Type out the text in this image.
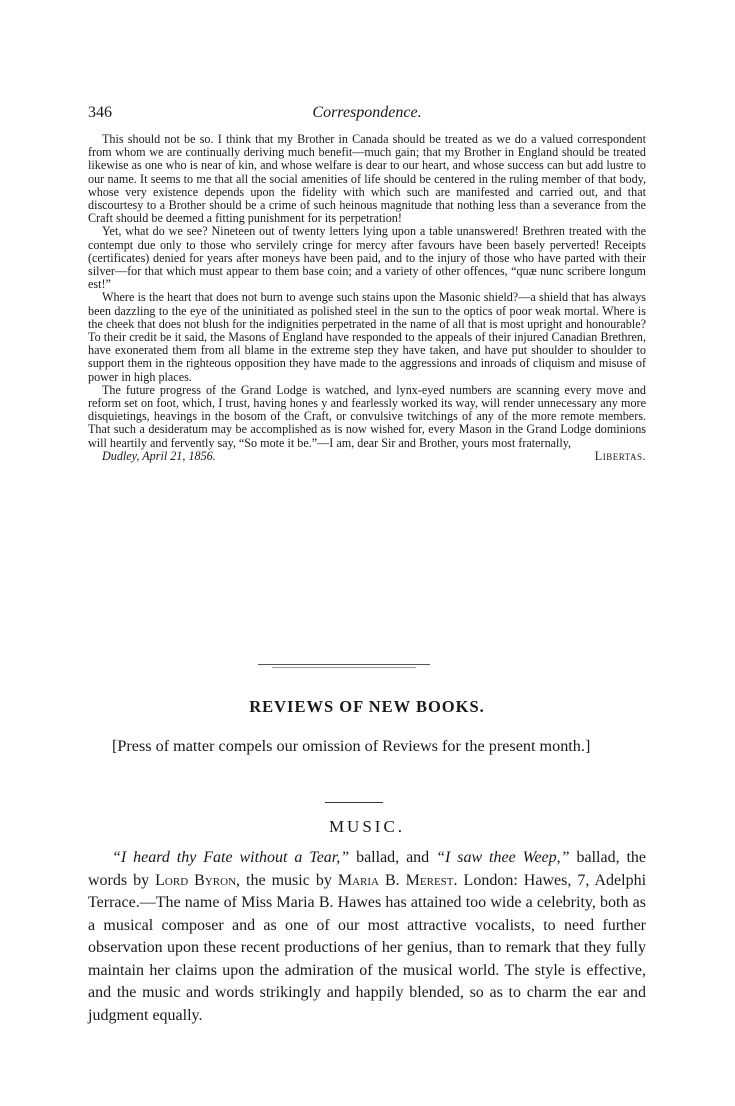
346	Correspondence.

This should not be so. I think that my Brother in Canada should be treated as we do a valued correspondent from whom we are continually deriving much benefit—much gain; that my Brother in England should be treated likewise as one who is near of kin, and whose welfare is dear to our heart, and whose success can but add lustre to our name. It seems to me that all the social amenities of life should be centered in the ruling member of that body, whose very existence depends upon the fidelity with which such are manifested and carried out, and that discourtesy to a Brother should be a crime of such heinous magnitude that nothing less than a severance from the Craft should be deemed a fitting punishment for its perpetration!

Yet, what do we see? Nineteen out of twenty letters lying upon a table unanswered! Brethren treated with the contempt due only to those who servilely cringe for mercy after favours have been basely perverted! Receipts (certificates) denied for years after moneys have been paid, and to the injury of those who have parted with their silver—for that which must appear to them base coin; and a variety of other offences, “quæ nunc scribere longum est!”

Where is the heart that does not burn to avenge such stains upon the Masonic shield?—a shield that has always been dazzling to the eye of the uninitiated as polished steel in the sun to the optics of poor weak mortal. Where is the cheek that does not blush for the indignities perpetrated in the name of all that is most upright and honourable? To their credit be it said, the Masons of England have responded to the appeals of their injured Canadian Brethren, have exonerated them from all blame in the extreme step they have taken, and have put shoulder to shoulder to support them in the righteous opposition they have made to the aggressions and inroads of cliquism and misuse of power in high places.

The future progress of the Grand Lodge is watched, and lynx-eyed numbers are scanning every move and reform set on foot, which, I trust, having hones y and fearlessly worked its way, will render unnecessary any more disquietings, heavings in the bosom of the Craft, or convulsive twitchings of any of the more remote members. That such a desideratum may be accomplished as is now wished for, every Mason in the Grand Lodge dominions will heartily and fervently say, “So mote it be.”—I am, dear Sir and Brother, yours most fraternally,

Dudley, April 21, 1856.	Libertas.
REVIEWS OF NEW BOOKS.

[Press of matter compels our omission of Reviews for the present month.]

MUSIC.

“I heard thy Fate without a Tear,” ballad, and “I saw thee Weep,” ballad, the words by Lord Byron, the music by Maria B. Merest. London: Hawes, 7, Adelphi Terrace.—The name of Miss Maria B. Hawes has attained too wide a celebrity, both as a musical composer and as one of our most attractive vocalists, to need further observation upon these recent productions of her genius, than to remark that they fully maintain her claims upon the admiration of the musical world. The style is effective, and the music and words strikingly and happily blended, so as to charm the ear and judgment equally.
